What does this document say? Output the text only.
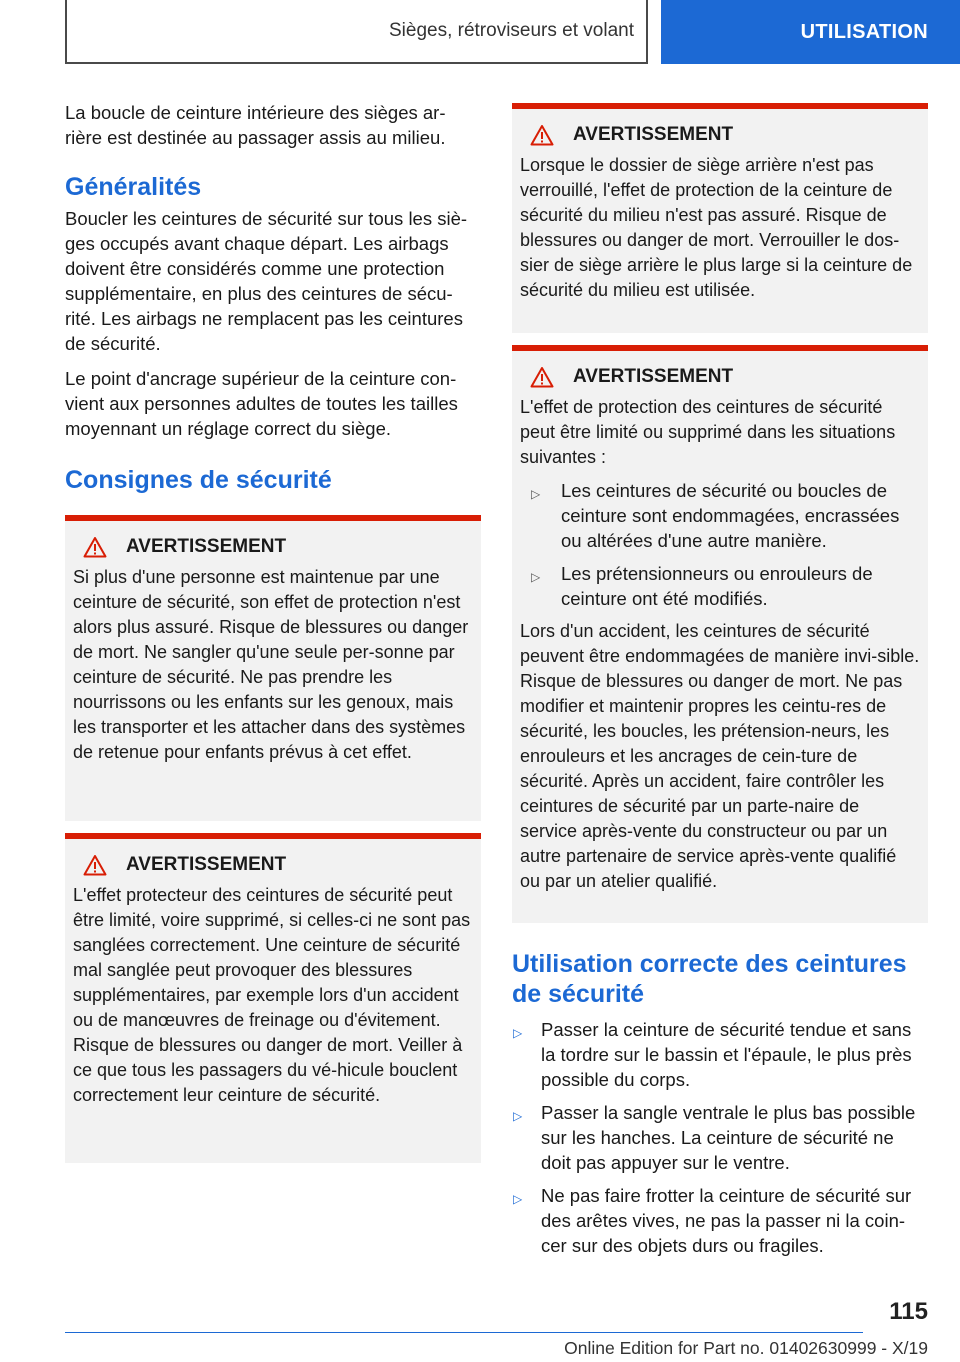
Sièges, rétroviseurs et volant	UTILISATION

La boucle de ceinture intérieure des sièges ar-rière est destinée au passager assis au milieu.

Généralités

Boucler les ceintures de sécurité sur tous les siè-ges occupés avant chaque départ. Les airbags doivent être considérés comme une protection supplémentaire, en plus des ceintures de sécu-rité. Les airbags ne remplacent pas les ceintures de sécurité.

Le point d'ancrage supérieur de la ceinture con-vient aux personnes adultes de toutes les tailles moyennant un réglage correct du siège.

Consignes de sécurité
AVERTISSEMENT

Si plus d'une personne est maintenue par une ceinture de sécurité, son effet de protection n'est alors plus assuré. Risque de blessures ou danger de mort. Ne sangler qu'une seule per-sonne par ceinture de sécurité. Ne pas prendre les nourrissons ou les enfants sur les genoux, mais les transporter et les attacher dans des systèmes de retenue pour enfants prévus à cet effet.

AVERTISSEMENT

L'effet protecteur des ceintures de sécurité peut être limité, voire supprimé, si celles-ci ne sont pas sanglées correctement. Une ceinture de sécurité mal sanglée peut provoquer des blessures supplémentaires, par exemple lors d'un accident ou de manœuvres de freinage ou d'évitement. Risque de blessures ou danger de mort. Veiller à ce que tous les passagers du vé-hicule bouclent correctement leur ceinture de sécurité.

AVERTISSEMENT

Lorsque le dossier de siège arrière n'est pas verrouillé, l'effet de protection de la ceinture de sécurité du milieu n'est pas assuré. Risque de blessures ou danger de mort. Verrouiller le dos-sier de siège arrière le plus large si la ceinture de sécurité du milieu est utilisée.

AVERTISSEMENT

L'effet de protection des ceintures de sécurité peut être limité ou supprimé dans les situations suivantes :

▷ Les ceintures de sécurité ou boucles de ceinture sont endommagées, encrassées ou altérées d'une autre manière.
▷ Les prétensionneurs ou enrouleurs de ceinture ont été modifiés.

Lors d'un accident, les ceintures de sécurité peuvent être endommagées de manière invi-sible. Risque de blessures ou danger de mort. Ne pas modifier et maintenir propres les ceintu-res de sécurité, les boucles, les prétension-neurs, les enrouleurs et les ancrages de cein-ture de sécurité. Après un accident, faire contrôler les ceintures de sécurité par un parte-naire de service après-vente du constructeur ou par un autre partenaire de service après-vente qualifié ou par un atelier qualifié.

Utilisation correcte des ceintures de sécurité
▷ Passer la ceinture de sécurité tendue et sans la tordre sur le bassin et l'épaule, le plus près possible du corps.
▷ Passer la sangle ventrale le plus bas possible sur les hanches. La ceinture de sécurité ne doit pas appuyer sur le ventre.
▷ Ne pas faire frotter la ceinture de sécurité sur des arêtes vives, ne pas la passer ni la coin-cer sur des objets durs ou fragiles.
115
Online Edition for Part no. 01402630999 - X/19
